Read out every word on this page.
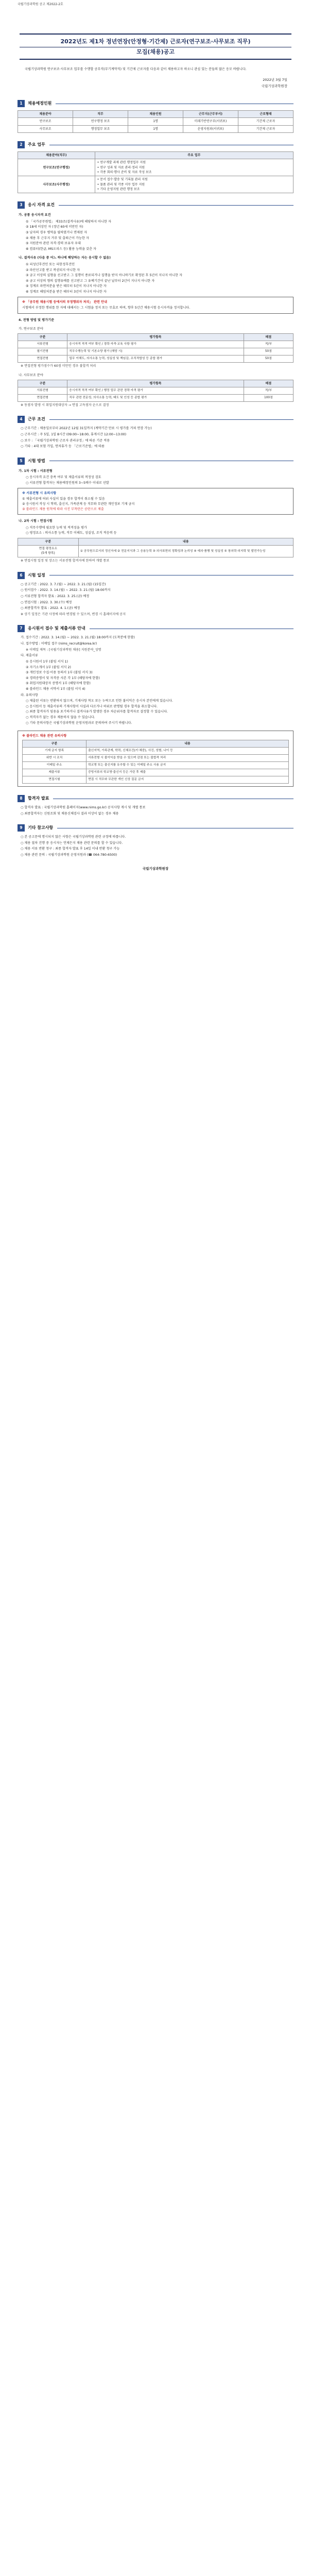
국립기상과학원 공고 제2022-2호
2022년도 제1차 정년연장(안정형·기간제) 근로자(연구보조·사무보조 직무)
모집(채용)공고
국립기상과학원 연구보조·사무보조 업무를 수행할 공무직(무기계약직) 및 기간제 근로자를 다음과 같이 채용하고자 하오니 관심 있는 분들의 많은 응모 바랍니다.
2022년 3월 7일
국립기상과학원장
1	채용예정인원
채용분야	직무	채용인원	근무지(근무부서)	근로형태
연구보조	연구행정 보조	1명	미래기반연구부(서귀포)	기간제 근로자
사무보조	행정업무 보조	1명	운영지원과(서귀포)	기간제 근로자
2	주요 업무
채용분야(직무)	주요 업무
연구보조(연구행정)	• 연구개발 과제 관련 행정업무 지원
• 연구 성과 및 자료 관리·정리 지원
• 각종 회의·행사 준비 및 자료 작성 보조
사무보조(사무행정)	• 문서 접수·발송 및 기록물 관리 지원
• 물품 관리 및 각종 서무 업무 지원
• 기타 운영지원 관련 행정 보조
3	응시 자격 요건
가. 공통 응시자격 요건
① 「국가공무원법」 제33조(결격사유)에 해당하지 아니한 자
② 18세 이상인 자 (정년 60세 미만인 자)
③ 남자의 경우 병역을 필하였거나 면제된 자
④ 채용 후 근무지 거주 및 출퇴근이 가능한 자
⑤ 지원분야 관련 자격·경력 보유자 우대
⑥ 컴퓨터(한글, MS오피스 등) 활용 능력을 갖춘 자
나. 결격사유 (다음 중 어느 하나에 해당하는 자는 응시할 수 없음)
① 피성년후견인 또는 피한정후견인
② 파산선고를 받고 복권되지 아니한 자
③ 금고 이상의 실형을 선고받고 그 집행이 종료되거나 집행을 받지 아니하기로 확정된 후 5년이 지나지 아니한 자
④ 금고 이상의 형의 집행유예를 선고받고 그 유예기간이 끝난 날부터 2년이 지나지 아니한 자
⑤ 징계로 파면처분을 받은 때부터 5년이 지나지 아니한 자
⑥ 징계로 해임처분을 받은 때부터 3년이 지나지 아니한 자
※ 「공무원 채용시험 등에서의 부정행위자 처리」 관련 안내
시험에서 부정한 행위를 한 자에 대해서는 그 시험을 정지 또는 무효로 하며, 향후 5년간 채용시험 응시자격을 정지합니다.
4. 전형 방법 및 평가기준
가. 연구보조 분야
구분	평가항목	배점
서류전형	응시자격 적격 여부 확인 / 경력·자격·교육 사항 평가	적/부
필기전형	직무수행능력 및 기본소양 평가 (해당 시)	50점
면접전형	업무 이해도, 의사소통 능력, 성실성 및 책임감, 조직적합성 등 종합 평가	50점
※ 면접전형 평가점수가 60점 미만인 경우 불합격 처리
나. 사무보조 분야
구분	평가항목	배점
서류전형	응시자격 적격 여부 확인 / 행정 업무 관련 경력·자격 평가	적/부
면접전형	직무 관련 전문성, 의사소통 능력, 태도 및 인성 등 종합 평가	100점
※ 동점자 발생 시 취업지원대상자 → 면접 고득점자 순으로 결정
4	근무 조건
○ 근무기간 : 채용일로부터 2022년 12월 31일까지 (계약기간 만료 시 평가를 거쳐 연장 가능)
○ 근무시간 : 주 5일, 1일 8시간 (09:00~18:00, 휴게시간 12:00~13:00)
○ 보수 : 「국립기상과학원 근로자 관리규정」에 따른 기준 적용
○ 기타 : 4대 보험 가입, 연차휴가 등 「근로기준법」에 따름
5	시험 방법
가. 1차 시험 : 서류전형
○ 응시자격 요건 충족 여부 및 제출서류의 적정성 검토
○ 서류전형 합격자는 채용예정인원의 3~5배수 이내로 선발
※ 서류전형 시 유의사항
① 제출서류에 허위 사실이 있을 경우 합격이 취소될 수 있음
② 응시원서 작성 시 학력, 출신지, 가족관계 등 직무와 무관한 개인정보 기재 금지
③ 블라인드 채용 원칙에 따라 사진 부착란은 공란으로 제출
나. 2차 시험 : 면접시험
○ 직무수행에 필요한 능력 및 적격성을 평가
○ 평정요소 : 의사소통 능력, 직무 이해도, 성실성, 조직 적응력 등
구분	내용
면접 평정요소
(5개 항목)	① 공무원으로서의 정신자세 ② 전문지식과 그 응용능력 ③ 의사표현의 정확성과 논리성 ④ 예의·품행 및 성실성 ⑤ 창의력·의지력 및 발전가능성
※ 면접시험 일정 및 장소는 서류전형 합격자에 한하여 개별 통보
6	시험 일정
○ 공고기간 : 2022. 3. 7.(월) ~ 2022. 3. 21.(월) (15일간)
○ 원서접수 : 2022. 3. 14.(월) ~ 2022. 3. 21.(월) 18:00까지
○ 서류전형 합격자 발표 : 2022. 3. 25.(금) 예정
○ 면접시험 : 2022. 3. 30.(수) 예정
○ 최종합격자 발표 : 2022. 4. 1.(금) 예정
※ 상기 일정은 기관 사정에 따라 변경될 수 있으며, 변경 시 홈페이지에 공지
7	응시원서 접수 및 제출서류 안내
가. 접수기간 : 2022. 3. 14.(월) ~ 2022. 3. 21.(월) 18:00까지 (도착분에 한함)
나. 접수방법 : 이메일 접수 (nims_recruit@korea.kr)
※ 이메일 제목 : [국립기상과학원 채용] 지원분야_성명
다. 제출서류
① 응시원서 1부 (붙임 서식 1)
② 자기소개서 1부 (붙임 서식 2)
③ 개인정보 수집·이용 동의서 1부 (붙임 서식 3)
④ 경력증명서 및 자격증 사본 각 1부 (해당자에 한함)
⑤ 취업지원대상자 증명서 1부 (해당자에 한함)
⑥ 블라인드 채용 서약서 1부 (붙임 서식 4)
라. 유의사항
○ 제출된 서류는 반환하지 않으며, 기재사항 착오 또는 누락으로 인한 불이익은 응시자 본인에게 있습니다.
○ 응시원서 등 제출서류의 기재사항이 사실과 다르거나 허위로 판명될 경우 합격을 취소합니다.
○ 최종 합격자가 임용을 포기하거나 결격사유가 발생한 경우 차순위자를 합격자로 결정할 수 있습니다.
○ 적격자가 없는 경우 채용하지 않을 수 있습니다.
○ 기타 문의사항은 국립기상과학원 운영지원과로 문의하여 주시기 바랍니다.
※ 블라인드 채용 관련 유의사항
구분	내용
기재 금지 항목	출신지역, 가족관계, 학력, 신체조건(키·체중), 사진, 성별, 나이 등
위반 시 조치	서류전형 시 불이익을 받을 수 있으며 감점 또는 불합격 처리
이메일 주소	학교명 또는 출신지를 유추할 수 있는 이메일 주소 사용 금지
제출서류	증빙서류의 학교명·출신지 등은 가린 후 제출
면접시험	면접 시 직무와 무관한 개인 신상 질문 금지
8	합격자 발표
○ 합격자 발표 : 국립기상과학원 홈페이지(www.nims.go.kr) 공지사항 게시 및 개별 통보
○ 최종합격자는 신원조회 및 채용신체검사 결과 이상이 없는 경우 채용
9	기타 참고사항
○ 본 공고문에 명시되지 않은 사항은 국립기상과학원 관련 규정에 따릅니다.
○ 채용 절차 진행 중 응시자는 언제든지 채용 관련 문의를 할 수 있습니다.
○ 채용 서류 반환 청구 : 최종 합격자 발표 후 14일 이내 반환 청구 가능
○ 채용 관련 문의 : 국립기상과학원 운영지원과 (☎ 064-780-6500)
국립기상과학원장
